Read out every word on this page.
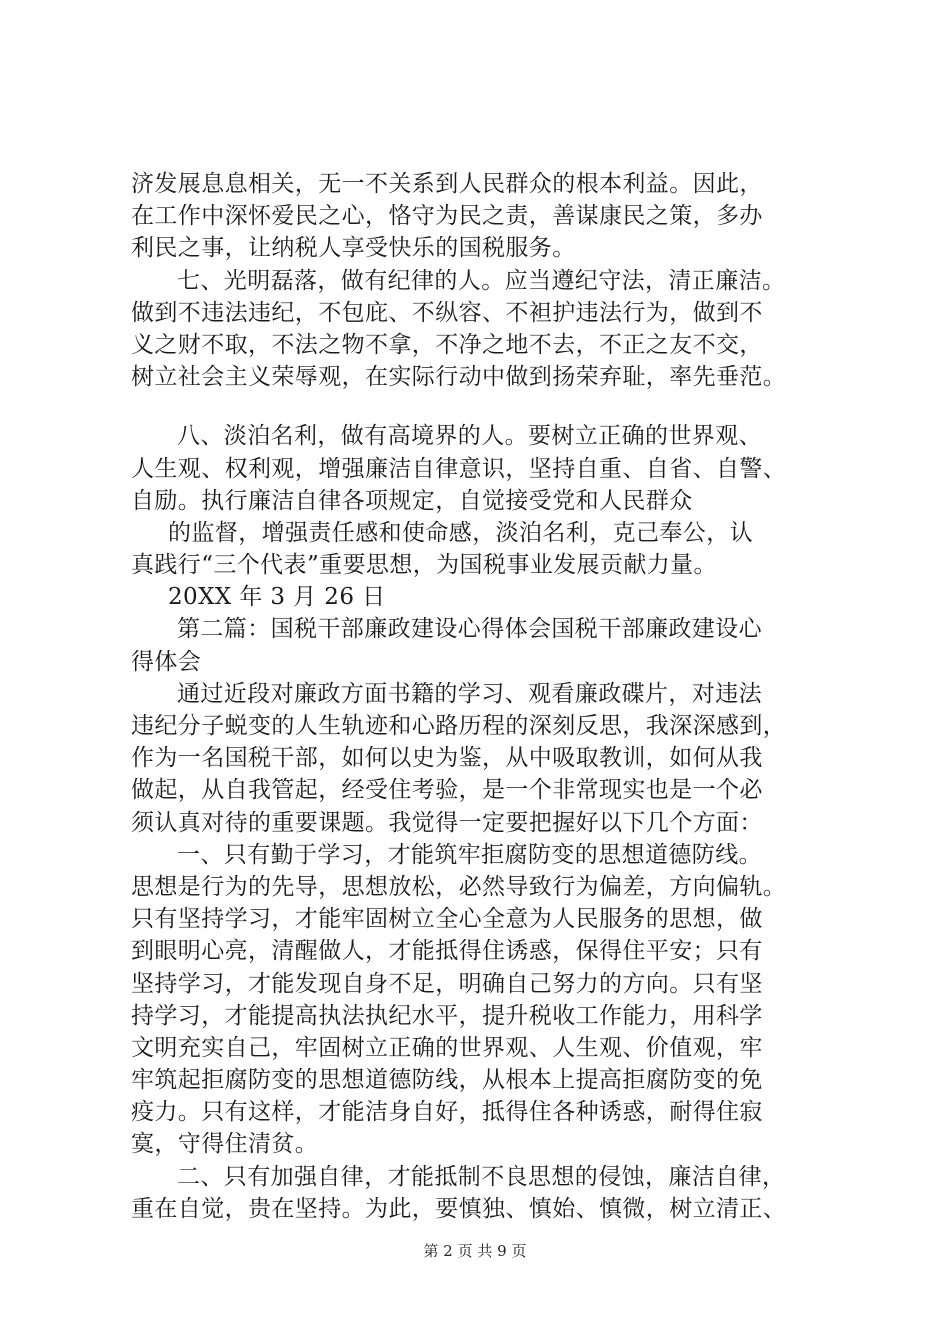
济发展息息相关，无一不关系到人民群众的根本利益。因此，
在工作中深怀爱民之心，恪守为民之责，善谋康民之策，多办
利民之事，让纳税人享受快乐的国税服务。
七、光明磊落，做有纪律的人。应当遵纪守法，清正廉洁。
做到不违法违纪，不包庇、不纵容、不袒护违法行为，做到不
义之财不取，不法之物不拿，不净之地不去，不正之友不交，
树立社会主义荣辱观，在实际行动中做到扬荣弃耻，率先垂范。
八、淡泊名利，做有高境界的人。要树立正确的世界观、
人生观、权利观，增强廉洁自律意识，坚持自重、自省、自警、
自励。执行廉洁自律各项规定，自觉接受党和人民群众
的监督，增强责任感和使命感，淡泊名利，克己奉公，认
真践行“三个代表”重要思想，为国税事业发展贡献力量。
20XX 年 3 月 26 日
第二篇：国税干部廉政建设心得体会国税干部廉政建设心
得体会
通过近段对廉政方面书籍的学习、观看廉政碟片，对违法
违纪分子蜕变的人生轨迹和心路历程的深刻反思，我深深感到，
作为一名国税干部，如何以史为鉴，从中吸取教训，如何从我
做起，从自我管起，经受住考验，是一个非常现实也是一个必
须认真对待的重要课题。我觉得一定要把握好以下几个方面：
一、只有勤于学习，才能筑牢拒腐防变的思想道德防线。
思想是行为的先导，思想放松，必然导致行为偏差，方向偏轨。
只有坚持学习，才能牢固树立全心全意为人民服务的思想，做
到眼明心亮，清醒做人，才能抵得住诱惑，保得住平安；只有
坚持学习，才能发现自身不足，明确自己努力的方向。只有坚
持学习，才能提高执法执纪水平，提升税收工作能力，用科学
文明充实自己，牢固树立正确的世界观、人生观、价值观，牢
牢筑起拒腐防变的思想道德防线，从根本上提高拒腐防变的免
疫力。只有这样，才能洁身自好，抵得住各种诱惑，耐得住寂
寞，守得住清贫。
二、只有加强自律，才能抵制不良思想的侵蚀，廉洁自律，
重在自觉，贵在坚持。为此，要慎独、慎始、慎微，树立清正、
第 2 页 共 9 页
